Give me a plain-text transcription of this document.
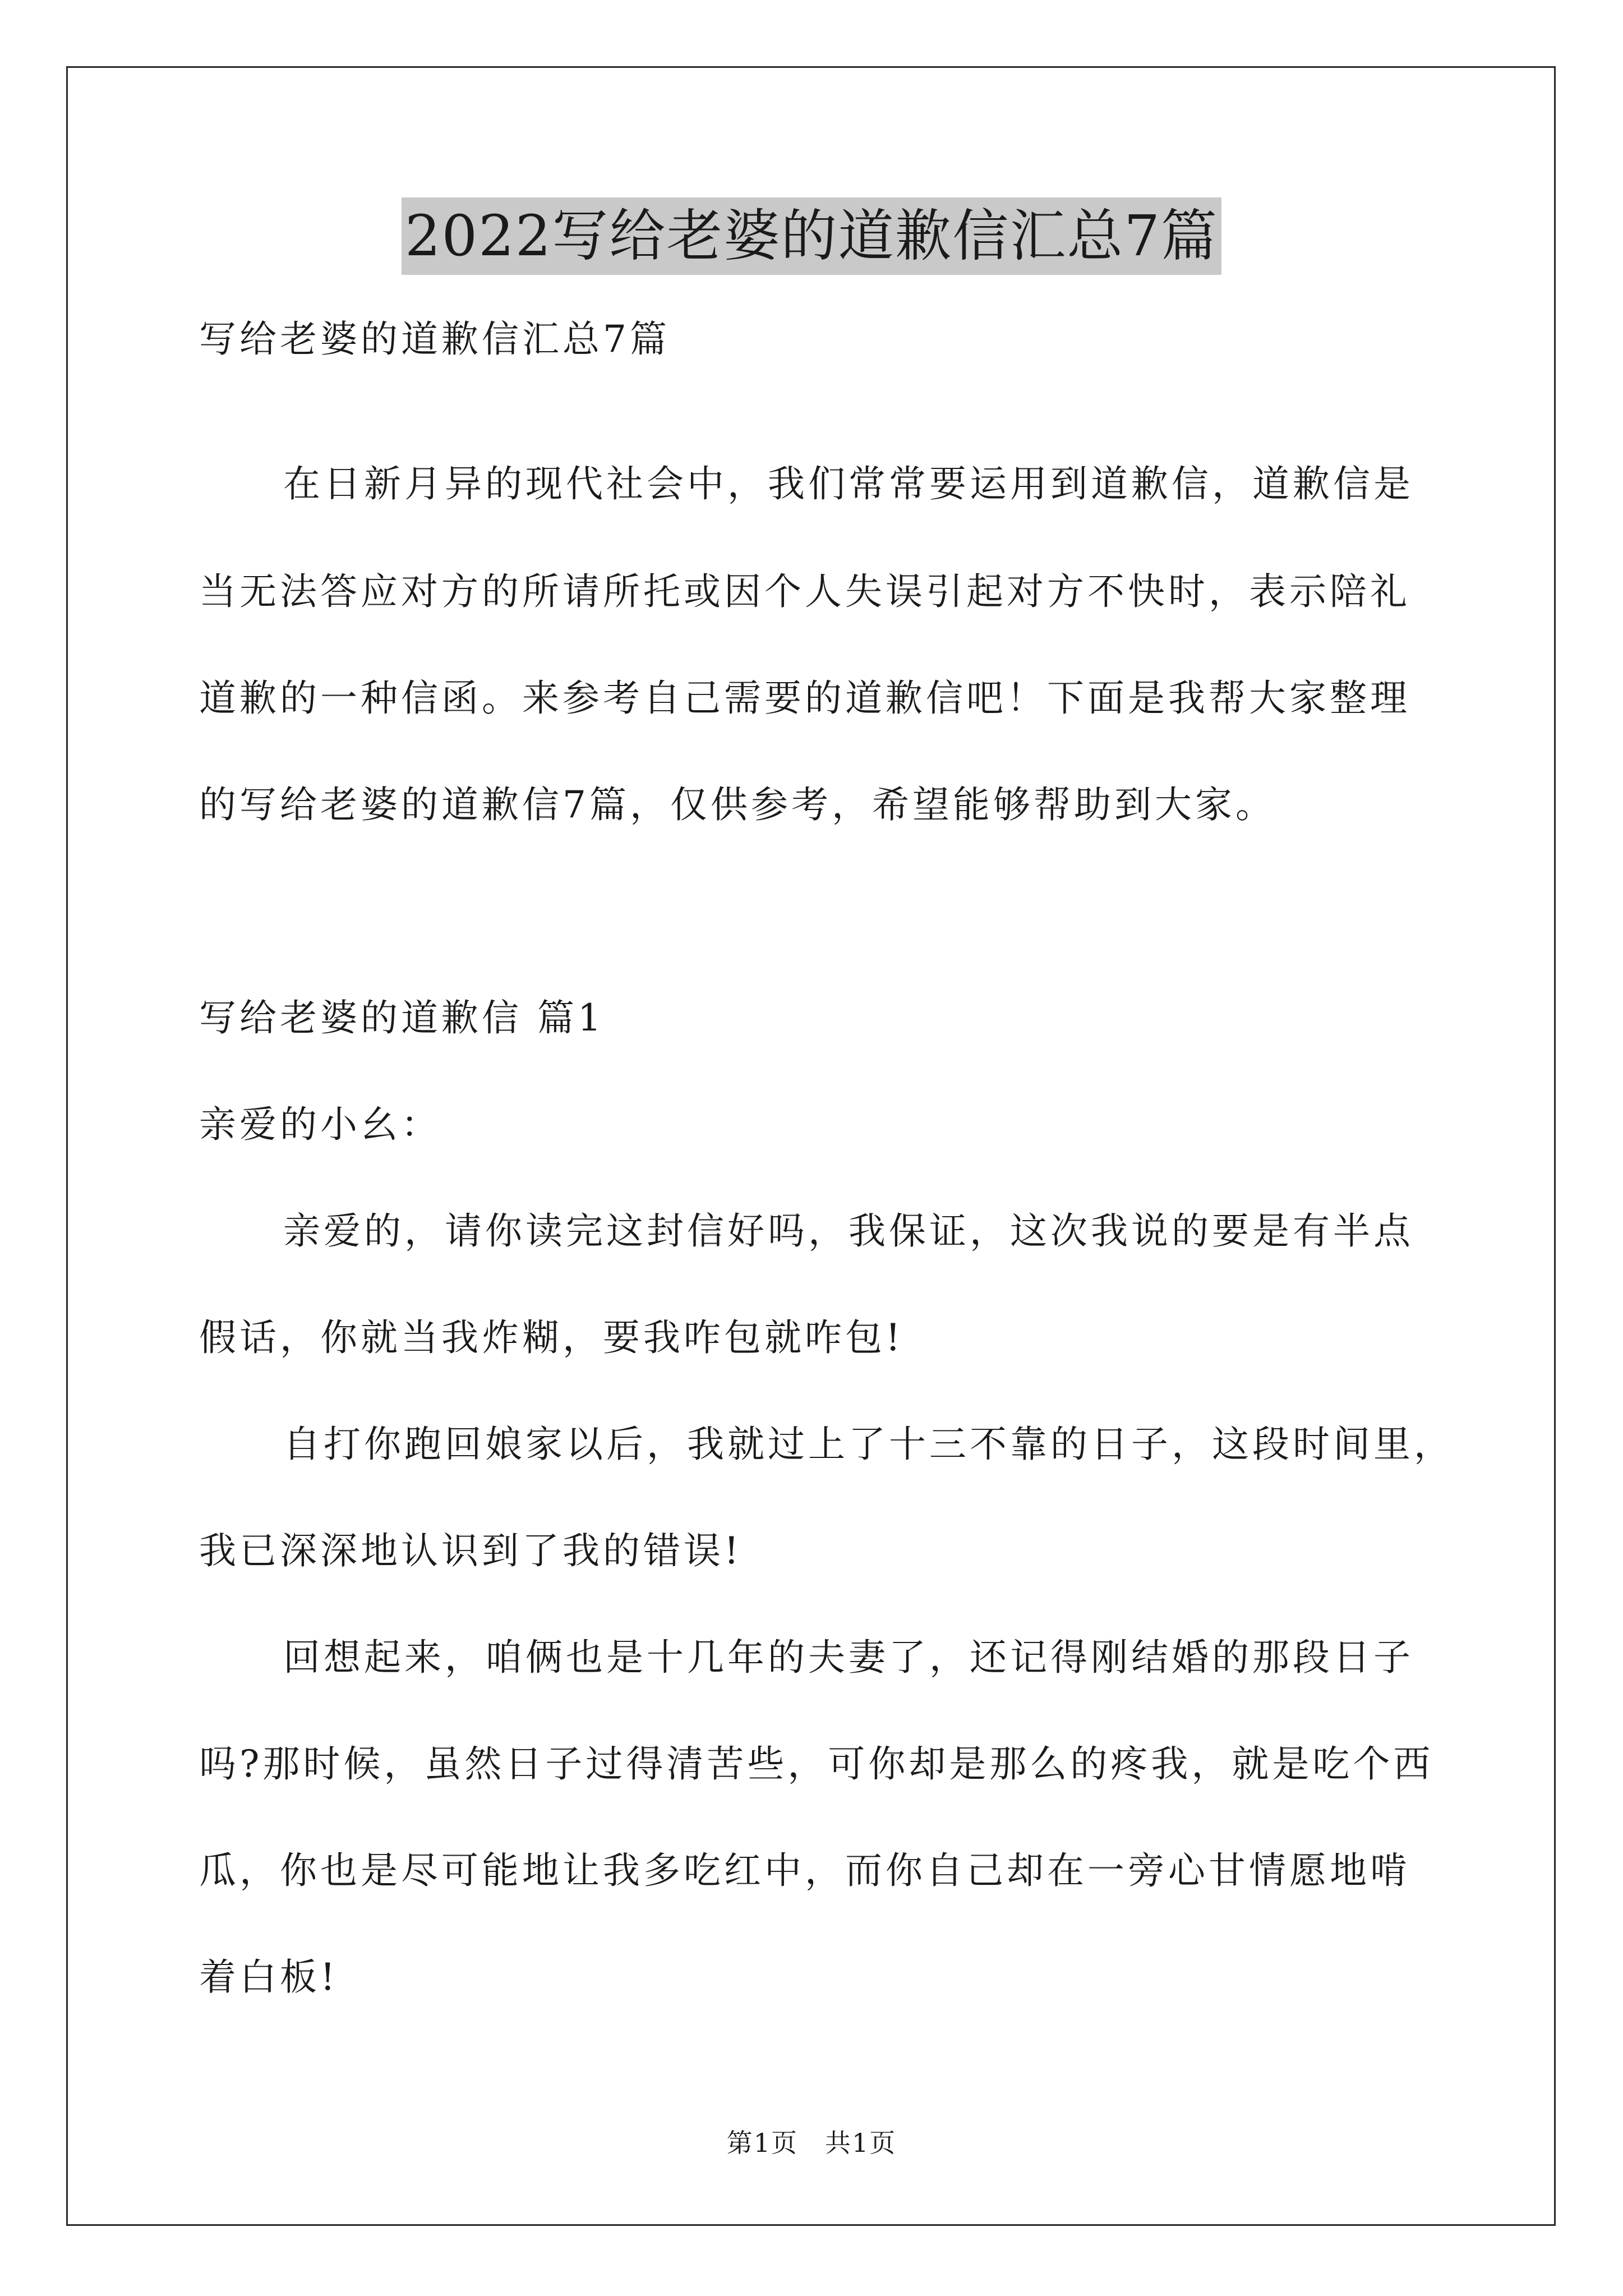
2022写给老婆的道歉信汇总7篇
写给老婆的道歉信汇总7篇
在日新月异的现代社会中，我们常常要运用到道歉信，道歉信是
当无法答应对方的所请所托或因个人失误引起对方不快时，表示陪礼
道歉的一种信函。来参考自己需要的道歉信吧！下面是我帮大家整理
的写给老婆的道歉信7篇，仅供参考，希望能够帮助到大家。
写给老婆的道歉信 篇1
亲爱的小幺：
亲爱的，请你读完这封信好吗，我保证，这次我说的要是有半点
假话，你就当我炸糊，要我咋包就咋包!
自打你跑回娘家以后，我就过上了十三不靠的日子，这段时间里，
我已深深地认识到了我的错误!
回想起来，咱俩也是十几年的夫妻了，还记得刚结婚的那段日子
吗?那时候，虽然日子过得清苦些，可你却是那么的疼我，就是吃个西
瓜，你也是尽可能地让我多吃红中，而你自己却在一旁心甘情愿地啃
着白板!
第1页　共1页
